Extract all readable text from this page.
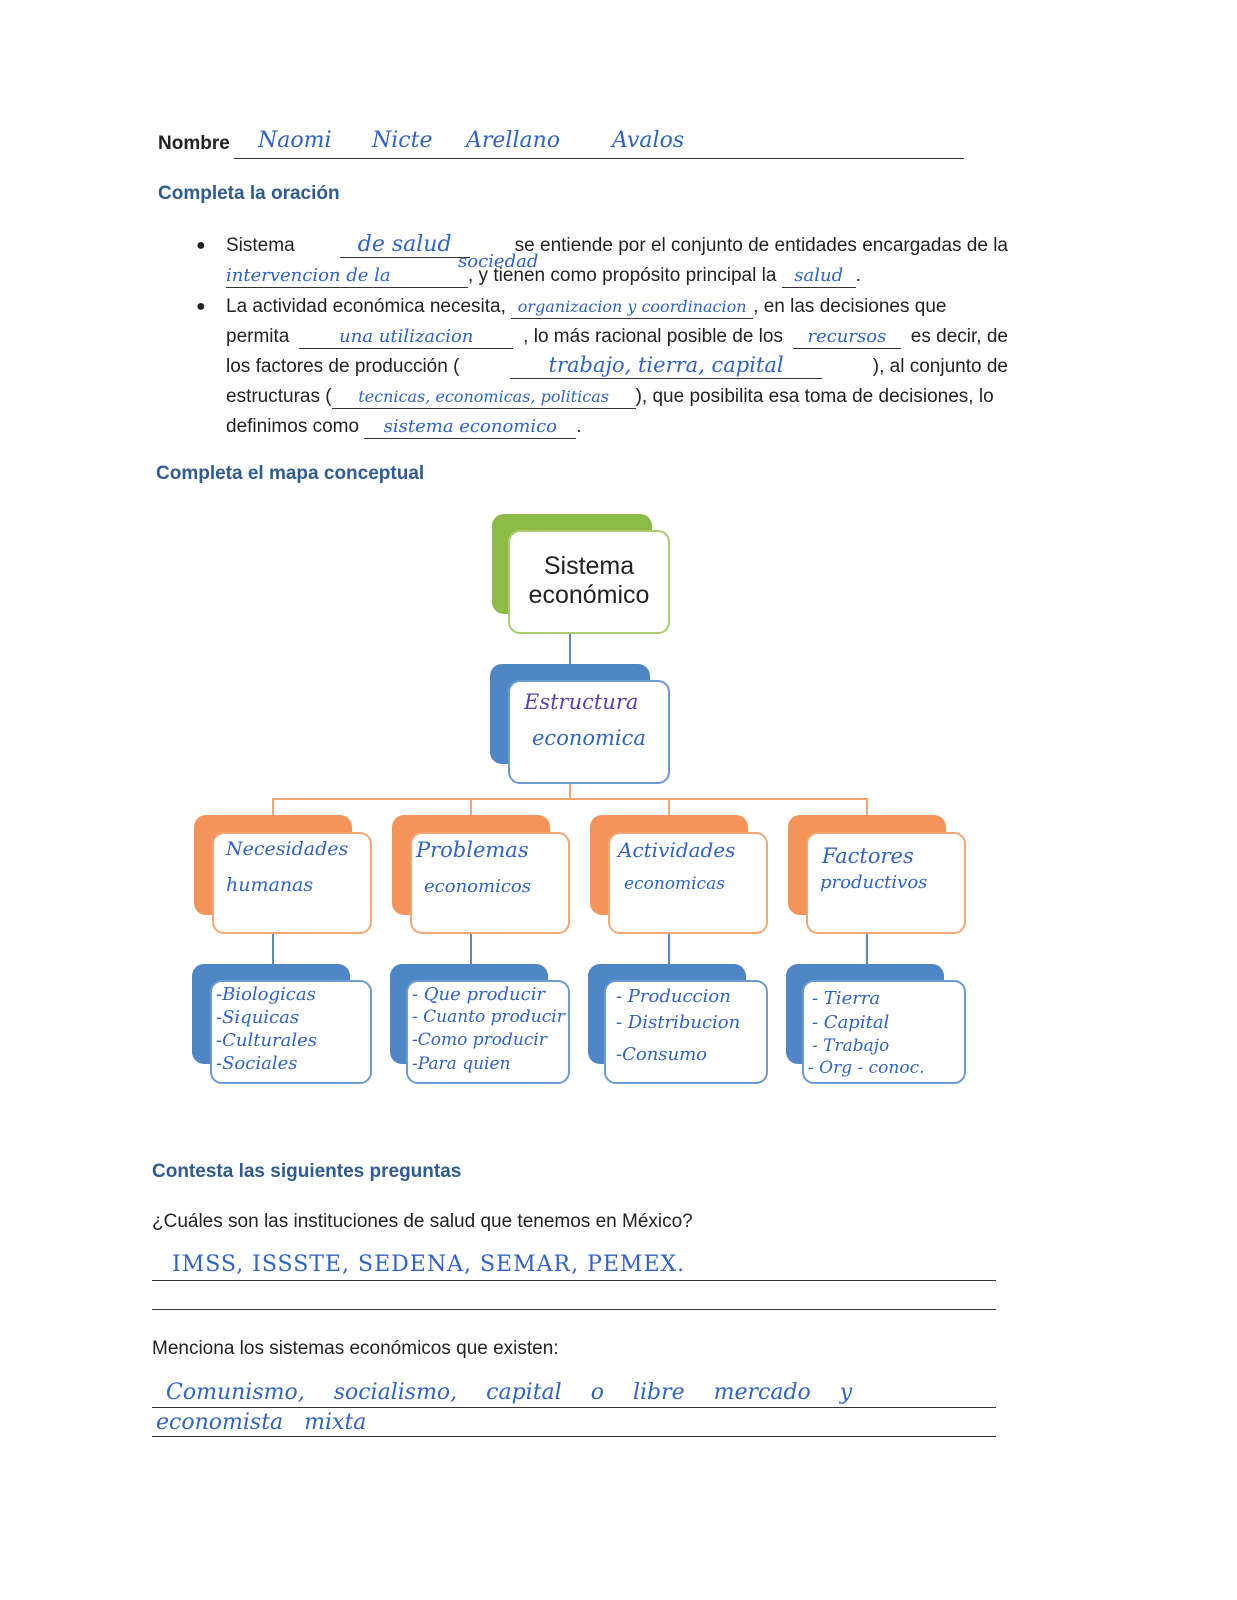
Nombre Naomi Nicte Arellano Avalos
Completa la oración
● Sistema	de salud	se entiende por el conjunto de entidades encargadas de la
intervencion de la
sociedad
, y tienen como propósito principal la salud .
● La actividad económica necesita, organizacion y coordinacion , en las decisiones que
permita	una utilizacion	, lo más racional posible de los	recursos	es decir, de
los factores de producción (	trabajo, tierra, capital	), al conjunto de
estructuras (	tecnicas, economicas, politicas	), que posibilita esa toma de decisiones, lo
definimos como sistema economico .
Completa el mapa conceptual
Sistema
económico
Estructura
economica
Necesidades
humanas
Problemas
economicos
Actividades
economicas
Factores
productivos
-Biologicas
-Siquicas
-Culturales
-Sociales
- Que producir
- Cuanto producir
-Como producir
-Para quien
- Produccion
- Distribucion
-Consumo
- Tierra
- Capital
- Trabajo
- Org - conoc.
Contesta las siguientes preguntas
¿Cuáles son las instituciones de salud que tenemos en México?
IMSS, ISSSTE, SEDENA, SEMAR, PEMEX.
Menciona los sistemas económicos que existen:
Comunismo, socialismo, capital o libre mercado y
economista mixta
